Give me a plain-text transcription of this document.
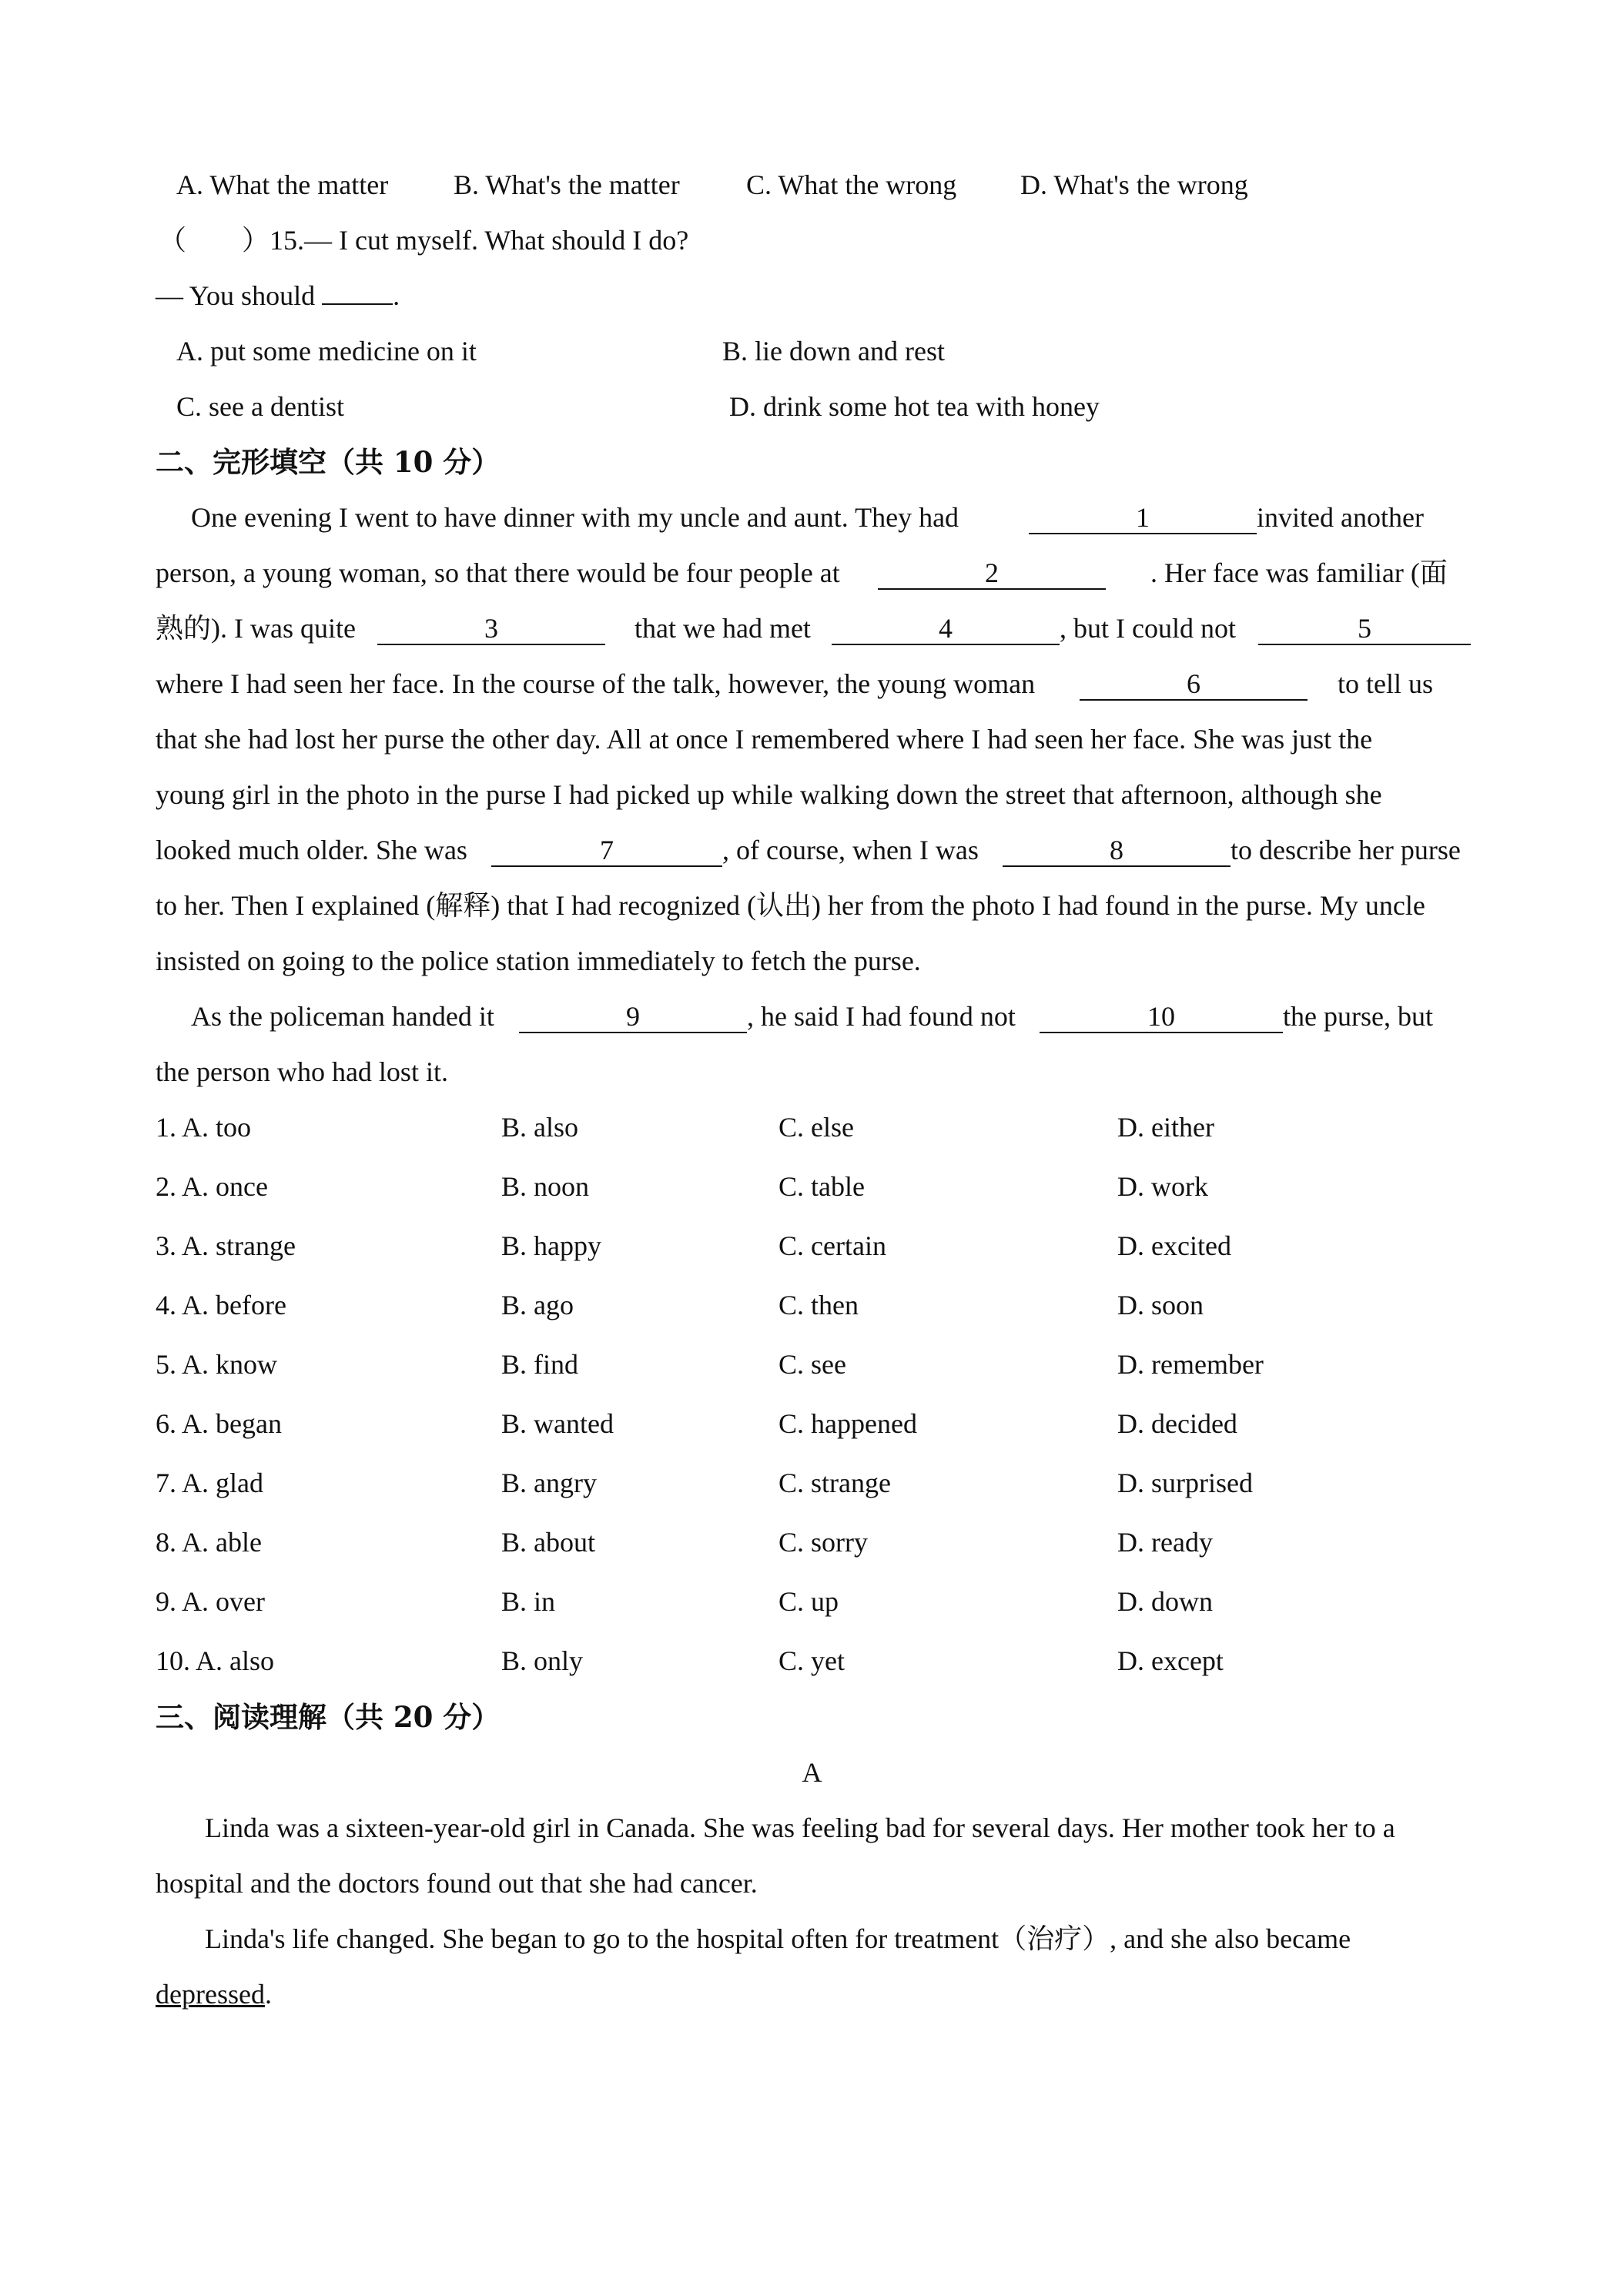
A. What the matter B. What's the matter C. What the wrong D. What's the wrong
（　　）15.— I cut myself. What should I do?
— You should	.
A. put some medicine on it	B. lie down and rest
C. see a dentist	D. drink some hot tea with honey
二、完形填空（共 10 分）
One evening I went to have dinner with my uncle and aunt. They had	1	invited another
person, a young woman, so that there would be four people at	2	. Her face was familiar (面
熟的). I was quite	3	that we had met	4	, but I could not	5
where I had seen her face. In the course of the talk, however, the young woman	6	to tell us
that she had lost her purse the other day. All at once I remembered where I had seen her face. She was just the
young girl in the photo in the purse I had picked up while walking down the street that afternoon, although she
looked much older. She was	7	, of course, when I was	8	to describe her purse
to her. Then I explained (解释) that I had recognized (认出) her from the photo I had found in the purse. My uncle
insisted on going to the police station immediately to fetch the purse.
As the policeman handed it	9	, he said I had found not	10	the purse, but
the person who had lost it.
1. A. too	B. also	C. else	D. either
2. A. once	B. noon	C. table	D. work
3. A. strange	B. happy	C. certain	D. excited
4. A. before	B. ago	C. then	D. soon
5. A. know	B. find	C. see	D. remember
6. A. began	B. wanted	C. happened	D. decided
7. A. glad	B. angry	C. strange	D. surprised
8. A. able	B. about	C. sorry	D. ready
9. A. over	B. in	C. up	D. down
10. A. also	B. only	C. yet	D. except
三、阅读理解（共 20 分）
A
Linda was a sixteen-year-old girl in Canada. She was feeling bad for several days. Her mother took her to a
hospital and the doctors found out that she had cancer.
Linda's life changed. She began to go to the hospital often for treatment（治疗）, and she also became
depressed.
